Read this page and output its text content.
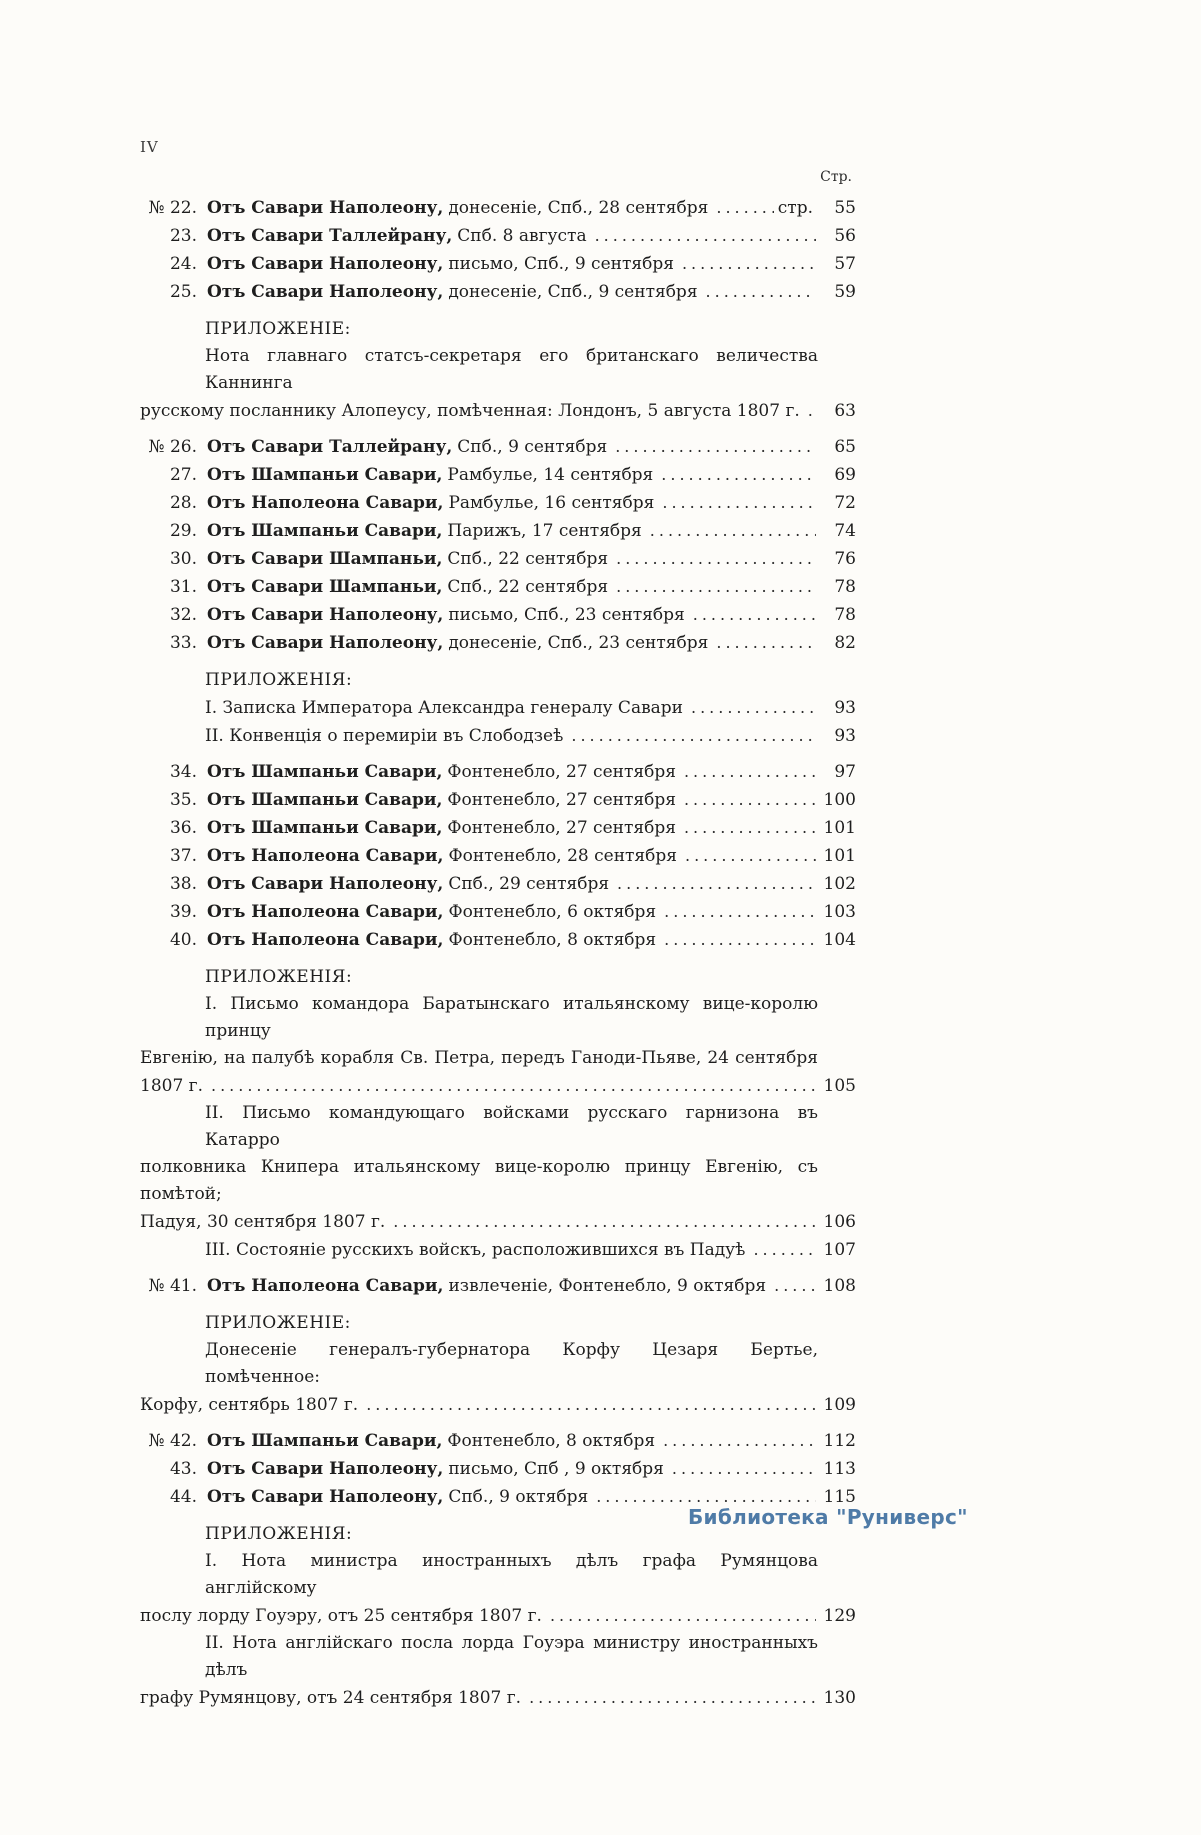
IV
Стр.
№ 22. Отъ Савари Наполеону, донесеніе, Спб., 28 сентября .....	стр.	55
23. Отъ Савари Таллейрану, Спб. 8 августа .....	56
24. Отъ Савари Наполеону, письмо, Спб., 9 сентября .....	57
25. Отъ Савари Наполеону, донесеніе, Спб., 9 сентября .....	59
ПРИЛОЖЕНІЕ:
Нота главнаго статсъ-секретаря его британскаго величества Каннинга
русскому посланнику Алопеусу, помѣченная: Лондонъ, 5 августа 1807 г. .....	63
№ 26. Отъ Савари Таллейрану, Спб., 9 сентября .....	65
27. Отъ Шампаньи Савари, Рамбулье, 14 сентября .....	69
28. Отъ Наполеона Савари, Рамбулье, 16 сентября .....	72
29. Отъ Шампаньи Савари, Парижъ, 17 сентября .....	74
30. Отъ Савари Шампаньи, Спб., 22 сентября .....	76
31. Отъ Савари Шампаньи, Спб., 22 сентября .....	78
32. Отъ Савари Наполеону, письмо, Спб., 23 сентября .....	78
33. Отъ Савари Наполеону, донесеніе, Спб., 23 сентября .....	82
ПРИЛОЖЕНІЯ:
I. Записка Императора Александра генералу Савари .....	93
II. Конвенція о перемиріи въ Слободзеѣ .....	93
34. Отъ Шампаньи Савари, Фонтенебло, 27 сентября .....	97
35. Отъ Шампаньи Савари, Фонтенебло, 27 сентября .....	100
36. Отъ Шампаньи Савари, Фонтенебло, 27 сентября .....	101
37. Отъ Наполеона Савари, Фонтенебло, 28 сентября .....	101
38. Отъ Савари Наполеону, Спб., 29 сентября .....	102
39. Отъ Наполеона Савари, Фонтенебло, 6 октября .....	103
40. Отъ Наполеона Савари, Фонтенебло, 8 октября .....	104
ПРИЛОЖЕНІЯ:
I. Письмо командора Баратынскаго итальянскому вице-королю принцу
Евгенію, на палубѣ корабля Св. Петра, передъ Ганоди-Пьяве, 24 сентября
1807 г. .....	105
II. Письмо командующаго войсками русскаго гарнизона въ Катарро
полковника Книпера итальянскому вице-королю принцу Евгенію, съ помѣтой;
Падуя, 30 сентября 1807 г. .....	106
III. Состояніе русскихъ войскъ, расположившихся въ Падуѣ .....	107
№ 41. Отъ Наполеона Савари, извлеченіе, Фонтенебло, 9 октября .....	108
ПРИЛОЖЕНІЕ:
Донесеніе генералъ-губернатора Корфу Цезаря Бертье, помѣченное:
Корфу, сентябрь 1807 г. .....	109
№ 42. Отъ Шампаньи Савари, Фонтенебло, 8 октября .....	112
43. Отъ Савари Наполеону, письмо, Спб , 9 октября .....	113
44. Отъ Савари Наполеону, Спб., 9 октября .....	115
ПРИЛОЖЕНІЯ:
I. Нота министра иностранныхъ дѣлъ графа Румянцова англійскому
послу лорду Гоуэру, отъ 25 сентября 1807 г. .....	129
II. Нота англійскаго посла лорда Гоуэра министру иностранныхъ дѣлъ
графу Румянцову, отъ 24 сентября 1807 г. .....	130
Библиотека "Руниверс"
